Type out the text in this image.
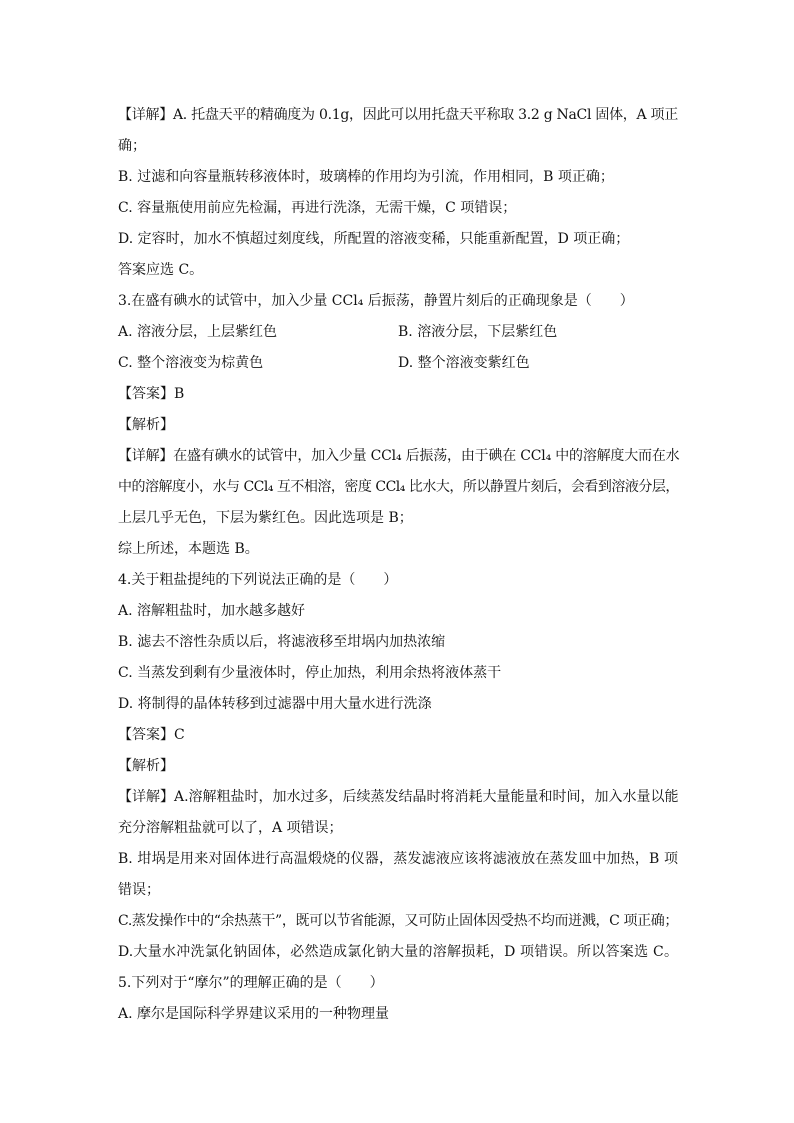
【详解】A. 托盘天平的精确度为 0.1g，因此可以用托盘天平称取 3.2 g NaCl 固体，A 项正
确；
B. 过滤和向容量瓶转移液体时，玻璃棒的作用均为引流，作用相同，B 项正确；
C. 容量瓶使用前应先检漏，再进行洗涤，无需干燥，C 项错误；
D. 定容时，加水不慎超过刻度线，所配置的溶液变稀，只能重新配置，D 项正确；
答案应选 C。
3.在盛有碘水的试管中，加入少量 CCl₄ 后振荡，静置片刻后的正确现象是（　　）
A. 溶液分层，上层紫红色	B. 溶液分层，下层紫红色
C. 整个溶液变为棕黄色	D. 整个溶液变紫红色
【答案】B
【解析】
【详解】在盛有碘水的试管中，加入少量 CCl₄ 后振荡，由于碘在 CCl₄ 中的溶解度大而在水
中的溶解度小，水与 CCl₄ 互不相溶，密度 CCl₄ 比水大，所以静置片刻后，会看到溶液分层，
上层几乎无色，下层为紫红色。因此选项是 B；
综上所述，本题选 B。
4.关于粗盐提纯的下列说法正确的是（　　）
A. 溶解粗盐时，加水越多越好
B. 滤去不溶性杂质以后，将滤液移至坩埚内加热浓缩
C. 当蒸发到剩有少量液体时，停止加热，利用余热将液体蒸干
D. 将制得的晶体转移到过滤器中用大量水进行洗涤
【答案】C
【解析】
【详解】A.溶解粗盐时，加水过多，后续蒸发结晶时将消耗大量能量和时间，加入水量以能
充分溶解粗盐就可以了，A 项错误；
B. 坩埚是用来对固体进行高温煅烧的仪器，蒸发滤液应该将滤液放在蒸发皿中加热，B 项
错误；
C.蒸发操作中的“余热蒸干”，既可以节省能源，又可防止固体因受热不均而迸溅，C 项正确；
D.大量水冲洗氯化钠固体，必然造成氯化钠大量的溶解损耗，D 项错误。所以答案选 C。
5.下列对于“摩尔”的理解正确的是（　　）
A. 摩尔是国际科学界建议采用的一种物理量
